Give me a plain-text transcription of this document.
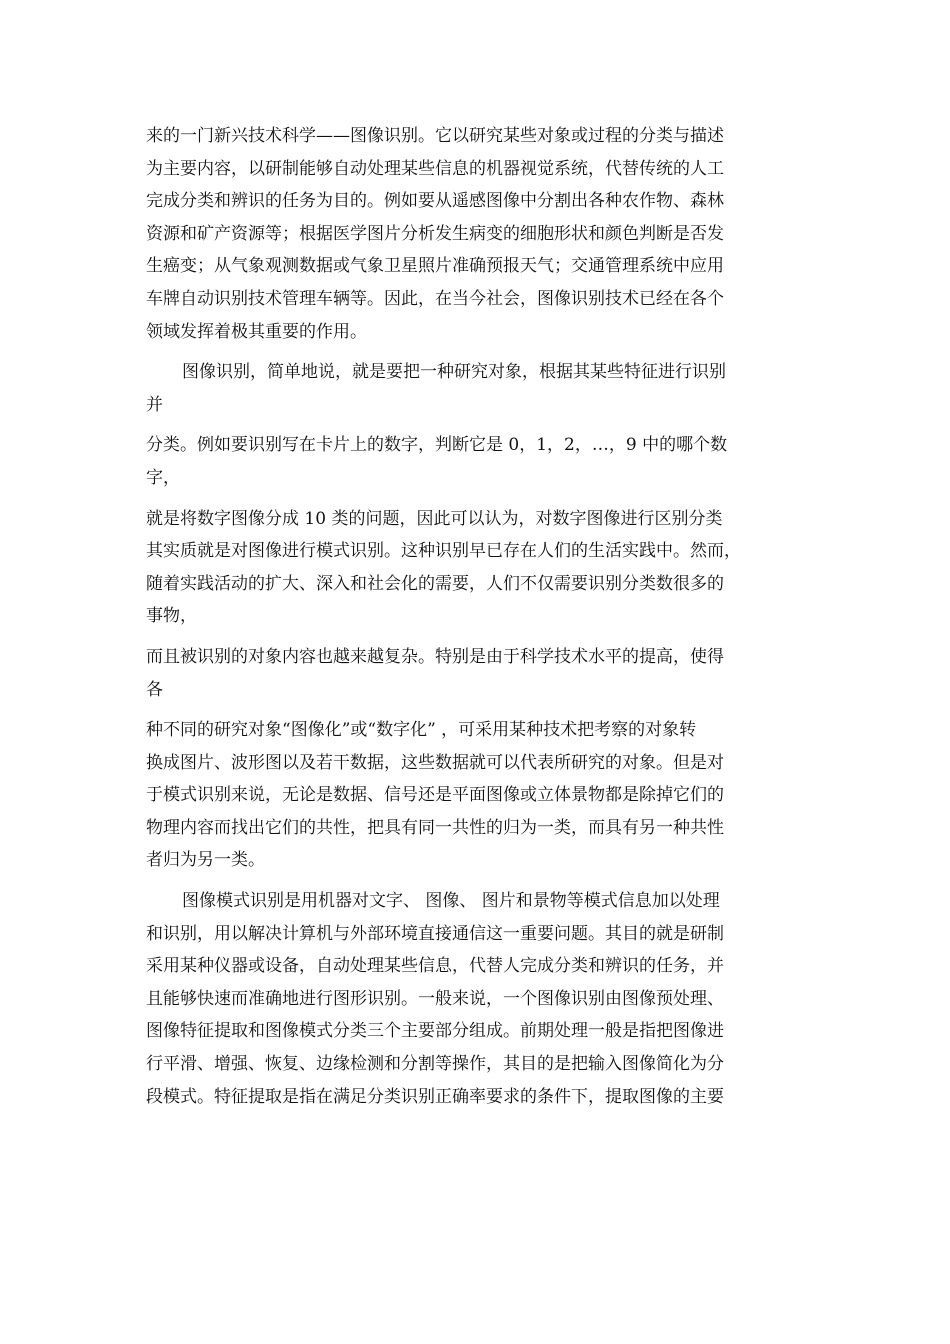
来的一门新兴技术科学——图像识别。它以研究某些对象或过程的分类与描述
为主要内容，以研制能够自动处理某些信息的机器视觉系统，代替传统的人工
完成分类和辨识的任务为目的。例如要从遥感图像中分割出各种农作物、森林
资源和矿产资源等；根据医学图片分析发生病变的细胞形状和颜色判断是否发
生癌变；从气象观测数据或气象卫星照片准确预报天气；交通管理系统中应用
车牌自动识别技术管理车辆等。因此，在当今社会，图像识别技术已经在各个
领域发挥着极其重要的作用。
图像识别，简单地说，就是要把一种研究对象，根据其某些特征进行识别
并
分类。例如要识别写在卡片上的数字，判断它是 0，1，2，…，9 中的哪个数
字，
就是将数字图像分成 10 类的问题，因此可以认为，对数字图像进行区别分类
其实质就是对图像进行模式识别。这种识别早已存在人们的生活实践中。然而，
随着实践活动的扩大、深入和社会化的需要，人们不仅需要识别分类数很多的
事物，
而且被识别的对象内容也越来越复杂。特别是由于科学技术水平的提高，使得
各
种不同的研究对象“图像化”或“数字化” ，可采用某种技术把考察的对象转
换成图片、波形图以及若干数据，这些数据就可以代表所研究的对象。但是对
于模式识别来说，无论是数据、信号还是平面图像或立体景物都是除掉它们的
物理内容而找出它们的共性，把具有同一共性的归为一类，而具有另一种共性
者归为另一类。
图像模式识别是用机器对文字、 图像、 图片和景物等模式信息加以处理
和识别，用以解决计算机与外部环境直接通信这一重要问题。其目的就是研制
采用某种仪器或设备，自动处理某些信息，代替人完成分类和辨识的任务，并
且能够快速而准确地进行图形识别。一般来说，一个图像识别由图像预处理、
图像特征提取和图像模式分类三个主要部分组成。前期处理一般是指把图像进
行平滑、增强、恢复、边缘检测和分割等操作，其目的是把输入图像简化为分
段模式。特征提取是指在满足分类识别正确率要求的条件下，提取图像的主要
